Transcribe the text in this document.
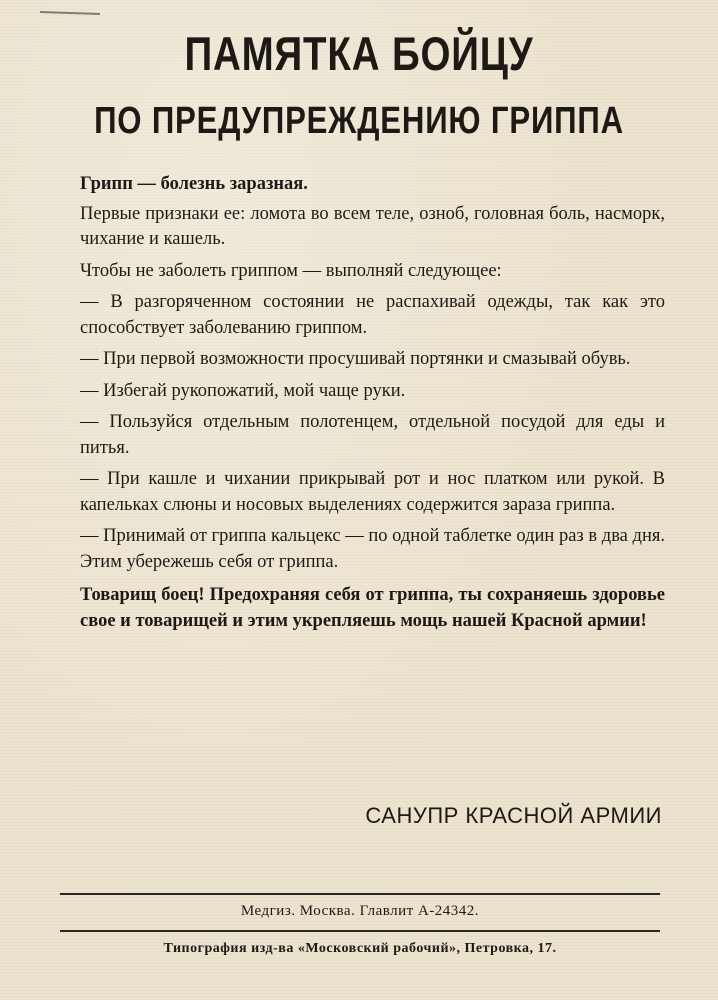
ПАМЯТКА БОЙЦУ
ПО ПРЕДУПРЕЖДЕНИЮ ГРИППА

Грипп — болезнь заразная.

Первые признаки ее: ломота во всем теле, озноб, головная боль, насморк, чихание и кашель.

Чтобы не заболеть гриппом — выполняй следующее:

— В разгоряченном состоянии не распахивай одежды, так как это способствует заболеванию гриппом.

— При первой возможности просушивай портянки и смазывай обувь.

— Избегай рукопожатий, мой чаще руки.

— Пользуйся отдельным полотенцем, отдельной посудой для еды и питья.

— При кашле и чихании прикрывай рот и нос платком или рукой. В капельках слюны и носовых выделениях содержится зараза гриппа.

— Принимай от гриппа кальцекс — по одной таблетке один раз в два дня. Этим убережешь себя от гриппа.

Товарищ боец! Предохраняя себя от гриппа, ты сохраняешь здоровье свое и товарищей и этим укрепляешь мощь нашей Красной армии!

САНУПР КРАСНОЙ АРМИИ
Медгиз. Москва. Главлит А-24342.
Типография изд-ва «Московский рабочий», Петровка, 17.
